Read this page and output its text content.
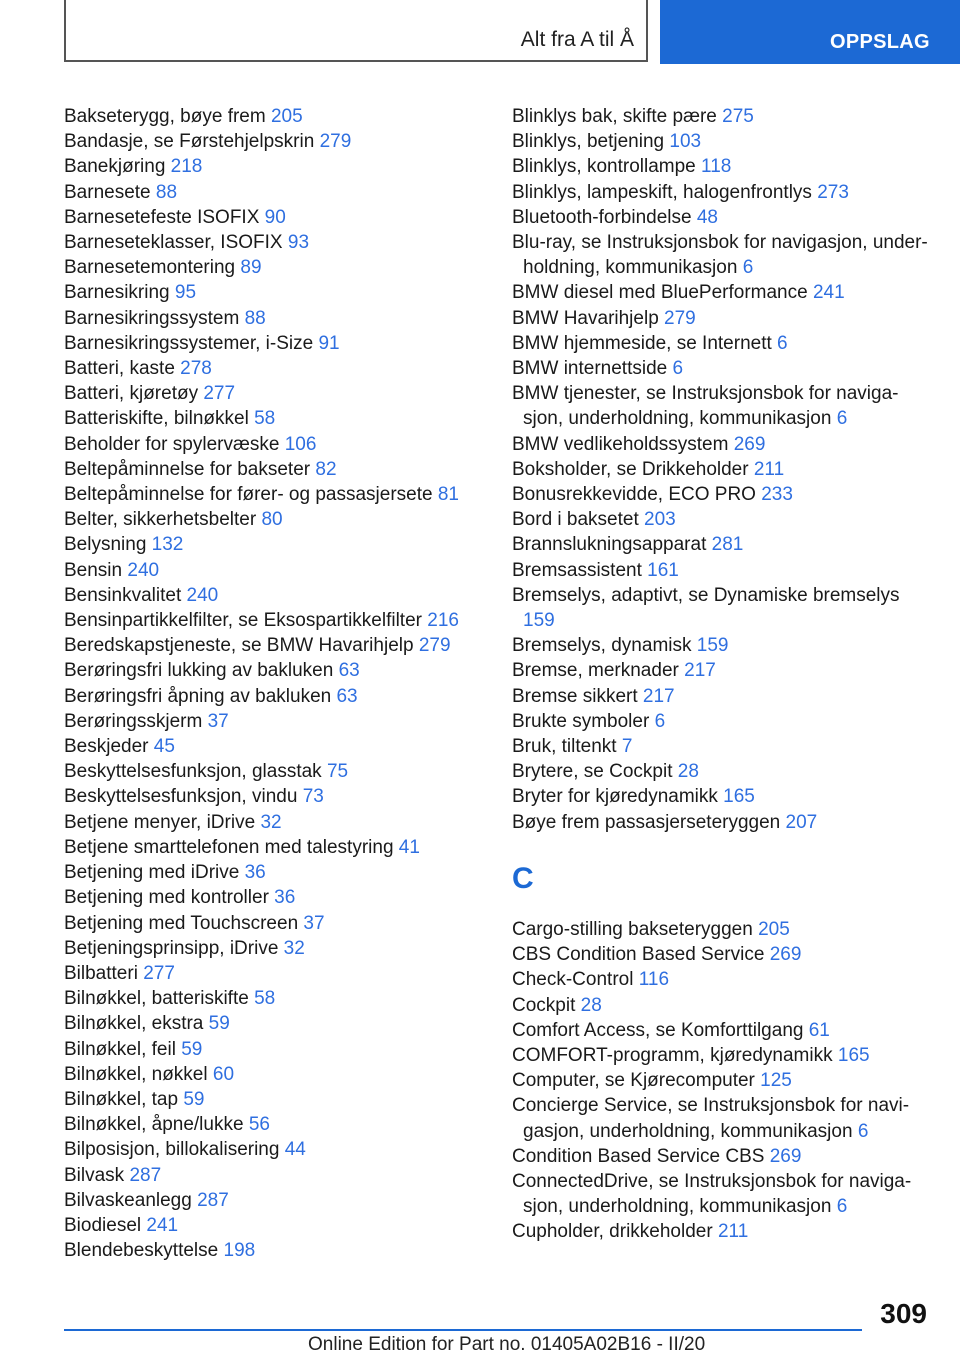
Alt fra A til Å	OPPSLAG
Bakseterygg, bøye frem 205
Bandasje, se Førstehjelpskrin 279
Banekjøring 218
Barnesete 88
Barnesetefeste ISOFIX 90
Barneseteklasser, ISOFIX 93
Barnesetemontering 89
Barnesikring 95
Barnesikringssystem 88
Barnesikringssystemer, i-Size 91
Batteri, kaste 278
Batteri, kjøretøy 277
Batteriskifte, bilnøkkel 58
Beholder for spylervæske 106
Beltepåminnelse for bakseter 82
Beltepåminnelse for fører- og passasjersete 81
Belter, sikkerhetsbelter 80
Belysning 132
Bensin 240
Bensinkvalitet 240
Bensinpartikkelfilter, se Eksospartikkelfilter 216
Beredskapstjeneste, se BMW Havarihjelp 279
Berøringsfri lukking av bakluken 63
Berøringsfri åpning av bakluken 63
Berøringsskjerm 37
Beskjeder 45
Beskyttelsesfunksjon, glasstak 75
Beskyttelsesfunksjon, vindu 73
Betjene menyer, iDrive 32
Betjene smarttelefonen med talestyring 41
Betjening med iDrive 36
Betjening med kontroller 36
Betjening med Touchscreen 37
Betjeningsprinsipp, iDrive 32
Bilbatteri 277
Bilnøkkel, batteriskifte 58
Bilnøkkel, ekstra 59
Bilnøkkel, feil 59
Bilnøkkel, nøkkel 60
Bilnøkkel, tap 59
Bilnøkkel, åpne/lukke 56
Bilposisjon, billokalisering 44
Bilvask 287
Bilvaskeanlegg 287
Biodiesel 241
Blendebeskyttelse 198
Blinklys bak, skifte pære 275
Blinklys, betjening 103
Blinklys, kontrollampe 118
Blinklys, lampeskift, halogenfrontlys 273
Bluetooth-forbindelse 48
Blu-ray, se Instruksjonsbok for navigasjon, underholdning, kommunikasjon 6
BMW diesel med BluePerformance 241
BMW Havarihjelp 279
BMW hjemmeside, se Internett 6
BMW internettside 6
BMW tjenester, se Instruksjonsbok for navigasjon, underholdning, kommunikasjon 6
BMW vedlikeholdssystem 269
Boksholder, se Drikkeholder 211
Bonusrekkevidde, ECO PRO 233
Bord i baksetet 203
Brannslukningsapparat 281
Bremsassistent 161
Bremselys, adaptivt, se Dynamiske bremselys 159
Bremselys, dynamisk 159
Bremse, merknader 217
Bremse sikkert 217
Brukte symboler 6
Bruk, tiltenkt 7
Brytere, se Cockpit 28
Bryter for kjøredynamikk 165
Bøye frem passasjerseteryggen 207
C
Cargo-stilling bakseteryggen 205
CBS Condition Based Service 269
Check-Control 116
Cockpit 28
Comfort Access, se Komforttilgang 61
COMFORT-programm, kjøredynamikk 165
Computer, se Kjørecomputer 125
Concierge Service, se Instruksjonsbok for navigasjon, underholdning, kommunikasjon 6
Condition Based Service CBS 269
ConnectedDrive, se Instruksjonsbok for navigasjon, underholdning, kommunikasjon 6
Cupholder, drikkeholder 211
309
Online Edition for Part no. 01405A02B16 - II/20
